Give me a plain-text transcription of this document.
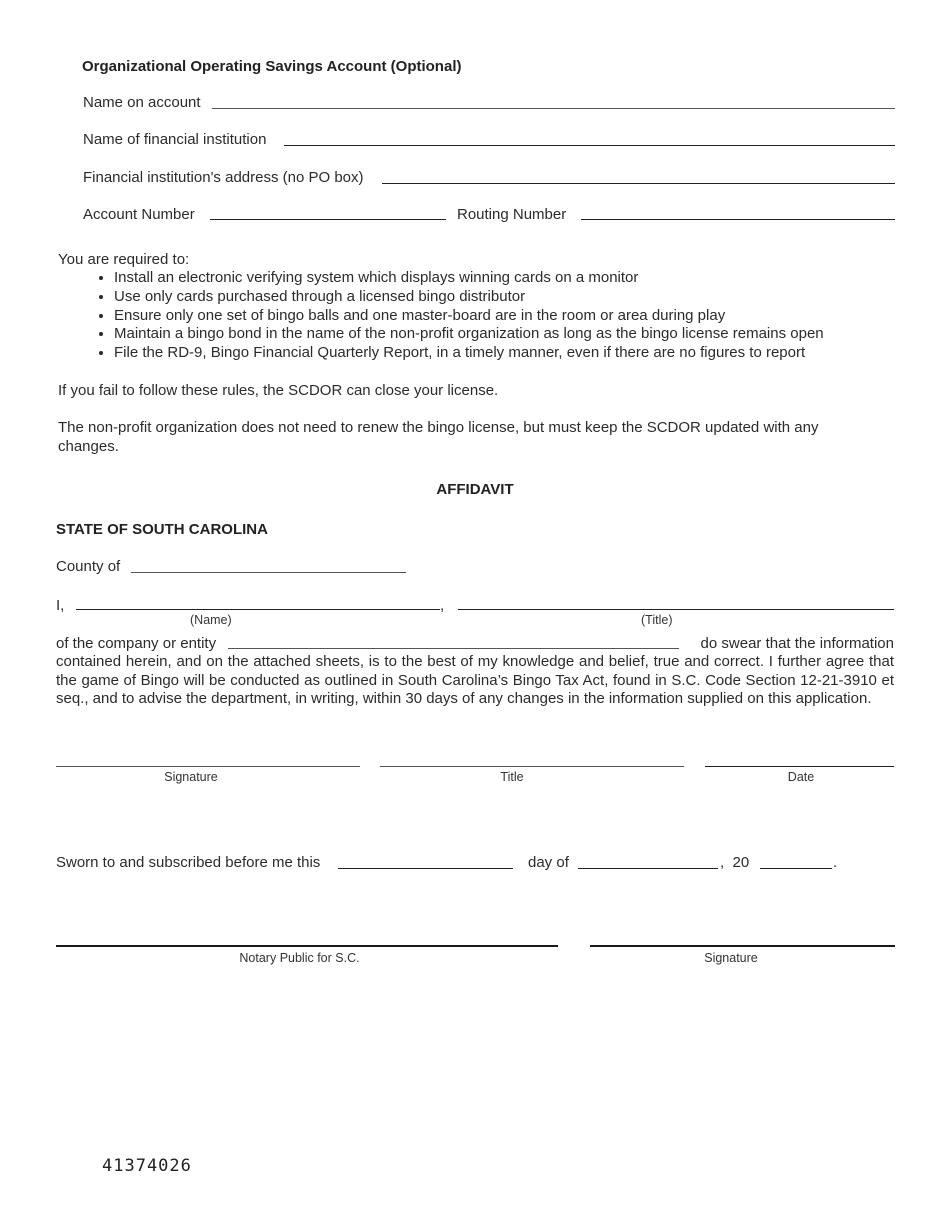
Organizational Operating Savings Account (Optional)
Name on account
Name of financial institution
Financial institution's address (no PO box)
Account Number	Routing Number
You are required to:
• Install an electronic verifying system which displays winning cards on a monitor
• Use only cards purchased through a licensed bingo distributor
• Ensure only one set of bingo balls and one master-board are in the room or area during play
• Maintain a bingo bond in the name of the non-profit organization as long as the bingo license remains open
• File the RD-9, Bingo Financial Quarterly Report, in a timely manner, even if there are no figures to report
If you fail to follow these rules, the SCDOR can close your license.
The non-profit organization does not need to renew the bingo license, but must keep the SCDOR updated with any changes.
AFFIDAVIT
STATE OF SOUTH CAROLINA
County of
I,	,
(Name)	(Title)
of the company or entity	do swear that the information
contained herein, and on the attached sheets, is to the best of my knowledge and belief, true and correct. I further agree that the game of Bingo will be conducted as outlined in South Carolina’s Bingo Tax Act, found in S.C. Code Section 12-21-3910 et seq., and to advise the department, in writing, within 30 days of any changes in the information supplied on this application.
Signature	Title	Date
Sworn to and subscribed before me this	day of	,  20	.
Notary Public for S.C.	Signature
41374026
